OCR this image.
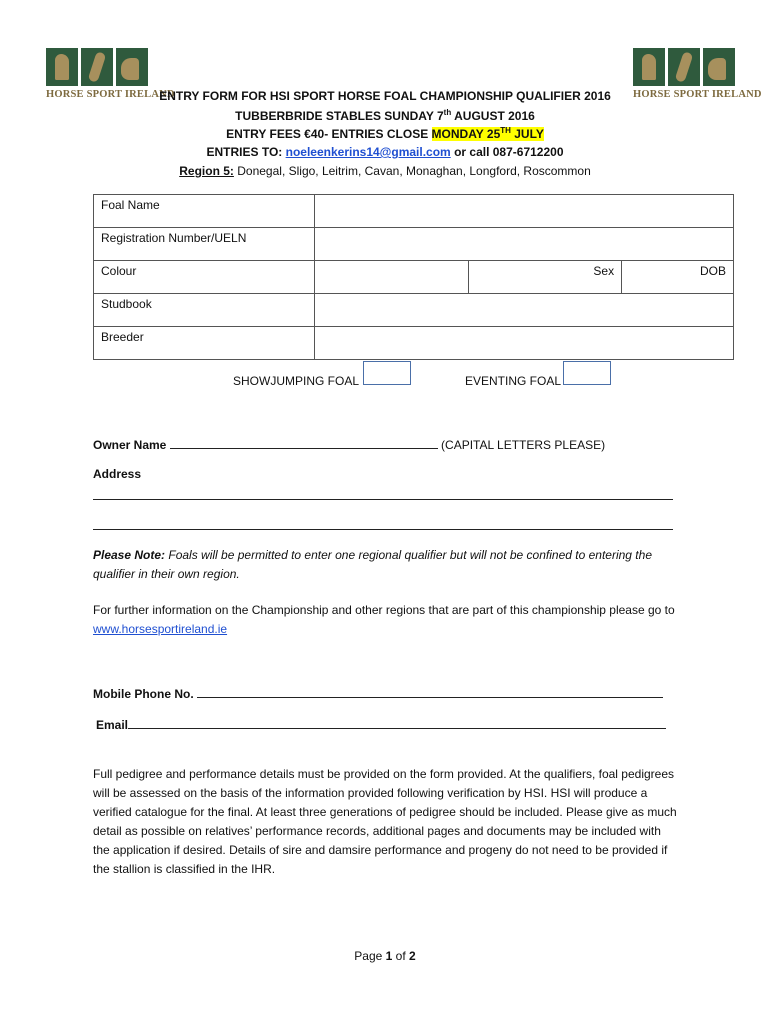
HORSE SPORT IRELAND	HORSE SPORT IRELAND
ENTRY FORM FOR HSI SPORT HORSE FOAL CHAMPIONSHIP QUALIFIER 2016
TUBBERBRIDE STABLES SUNDAY 7th AUGUST 2016
ENTRY FEES €40- ENTRIES CLOSE MONDAY 25TH JULY
ENTRIES TO: noeleenkerins14@gmail.com or call 087-6712200
Region 5: Donegal, Sligo, Leitrim, Cavan, Monaghan, Longford, Roscommon
Foal Name	

Registration Number/UELN	

Colour	Sex DOB

Studbook	

Breeder	

SHOWJUMPING FOAL	EVENTING FOAL
Owner Name	(CAPITAL LETTERS PLEASE)
Address
Please Note: Foals will be permitted to enter one regional qualifier but will not be confined to entering the qualifier in their own region.
For further information on the Championship and other regions that are part of this championship please go to www.horsesportireland.ie
Mobile Phone No.
Email
Full pedigree and performance details must be provided on the form provided. At the qualifiers, foal pedigrees will be assessed on the basis of the information provided following verification by HSI. HSI will produce a verified catalogue for the final. At least three generations of pedigree should be included. Please give as much detail as possible on relatives’ performance records, additional pages and documents may be included with the application if desired. Details of sire and damsire performance and progeny do not need to be provided if the stallion is classified in the IHR.
Page 1 of 2
